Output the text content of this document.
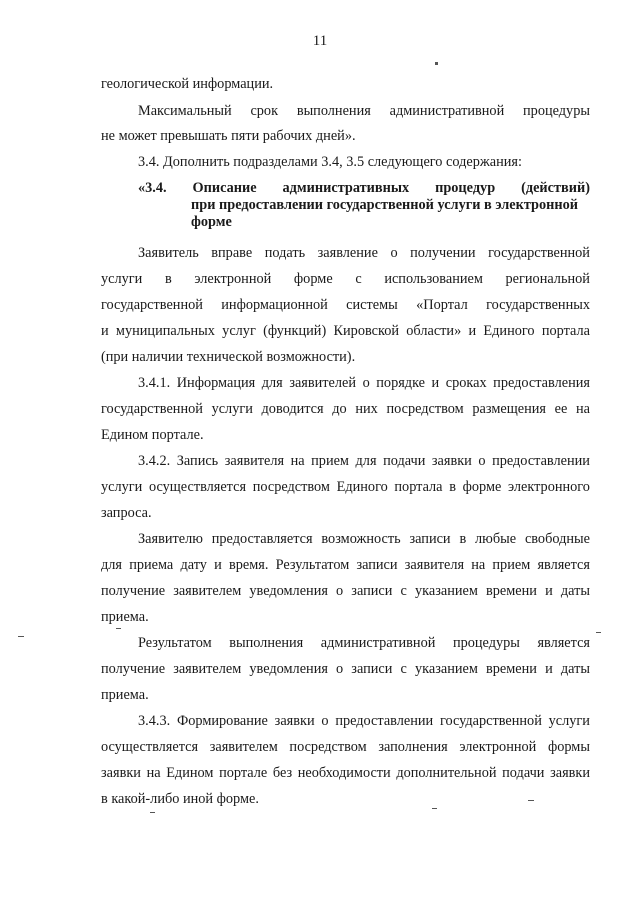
11
геологической информации.
Максимальный срок выполнения административной процедуры
не может превышать пяти рабочих дней».
3.4. Дополнить подразделами 3.4, 3.5 следующего содержания:
«3.4. Описание административных процедур (действий)
при предоставлении государственной услуги в электронной
форме
Заявитель вправе подать заявление о получении государственной
услуги в электронной форме с использованием региональной
государственной информационной системы «Портал государственных
и муниципальных услуг (функций) Кировской области» и Единого портала
(при наличии технической возможности).
3.4.1. Информация для заявителей о порядке и сроках предоставления
государственной услуги доводится до них посредством размещения ее на
Едином портале.
3.4.2. Запись заявителя на прием для подачи заявки о предоставлении
услуги осуществляется посредством Единого портала в форме электронного
запроса.
Заявителю предоставляется возможность записи в любые свободные
для приема дату и время. Результатом записи заявителя на прием является
получение заявителем уведомления о записи с указанием времени и даты
приема.
Результатом выполнения административной процедуры является
получение заявителем уведомления о записи с указанием времени и даты
приема.
3.4.3. Формирование заявки о предоставлении государственной услуги
осуществляется заявителем посредством заполнения электронной формы
заявки на Едином портале без необходимости дополнительной подачи заявки
в какой-либо иной форме.
